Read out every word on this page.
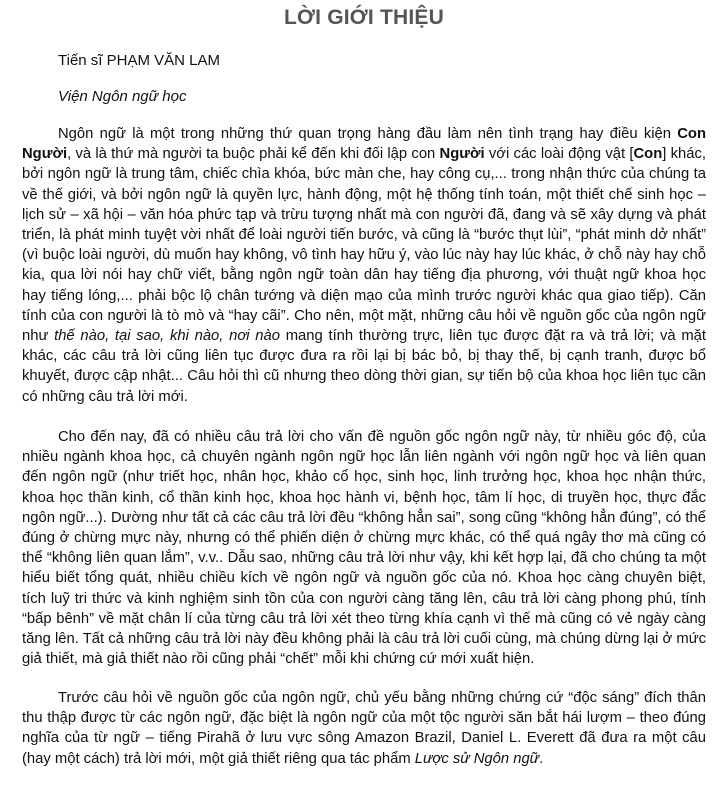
LỜI GIỚI THIỆU
Tiến sĩ PHẠM VĂN LAM
Viện Ngôn ngữ học

Ngôn ngữ là một trong những thứ quan trọng hàng đầu làm nên tình trạng hay điều kiện Con Người, và là thứ mà người ta buộc phải kể đến khi đối lập con Người với các loài động vật [Con] khác, bởi ngôn ngữ là trung tâm, chiếc chìa khóa, bức màn che, hay công cụ,... trong nhận thức của chúng ta về thế giới, và bởi ngôn ngữ là quyền lực, hành động, một hệ thống tính toán, một thiết chế sinh học – lịch sử – xã hội – văn hóa phức tạp và trừu tượng nhất mà con người đã, đang và sẽ xây dựng và phát triển, là phát minh tuyệt vời nhất để loài người tiến bước, và cũng là “bước thụt lùi”, “phát minh dở nhất” (vì buộc loài người, dù muốn hay không, vô tình hay hữu ý, vào lúc này hay lúc khác, ở chỗ này hay chỗ kia, qua lời nói hay chữ viết, bằng ngôn ngữ toàn dân hay tiếng địa phương, với thuật ngữ khoa học hay tiếng lóng,... phải bộc lộ chân tướng và diện mạo của mình trước người khác qua giao tiếp). Căn tính của con người là tò mò và “hay cãi”. Cho nên, một mặt, những câu hỏi về nguồn gốc của ngôn ngữ như thế nào, tại sao, khi nào, nơi nào mang tính thường trực, liên tục được đặt ra và trả lời; và mặt khác, các câu trả lời cũng liên tục được đưa ra rồi lại bị bác bỏ, bị thay thế, bị cạnh tranh, được bổ khuyết, được cập nhật... Câu hỏi thì cũ nhưng theo dòng thời gian, sự tiến bộ của khoa học liên tục cần có những câu trả lời mới.

Cho đến nay, đã có nhiều câu trả lời cho vấn đề nguồn gốc ngôn ngữ này, từ nhiều góc độ, của nhiều ngành khoa học, cả chuyên ngành ngôn ngữ học lẫn liên ngành với ngôn ngữ học và liên quan đến ngôn ngữ (như triết học, nhân học, khảo cổ học, sinh học, linh trưởng học, khoa học nhận thức, khoa học thần kinh, cổ thần kinh học, khoa học hành vi, bệnh học, tâm lí học, di truyền học, thực đắc ngôn ngữ...). Dường như tất cả các câu trả lời đều “không hẳn sai”, song cũng “không hẳn đúng”, có thể đúng ở chừng mực này, nhưng có thể phiến diện ở chừng mực khác, có thể quá ngây thơ mà cũng có thể “không liên quan lắm”, v.v.. Dẫu sao, những câu trả lời như vậy, khi kết hợp lại, đã cho chúng ta một hiểu biết tổng quát, nhiều chiều kích về ngôn ngữ và nguồn gốc của nó. Khoa học càng chuyên biệt, tích luỹ tri thức và kinh nghiệm sinh tồn của con người càng tăng lên, câu trả lời càng phong phú, tính “bấp bênh” về mặt chân lí của từng câu trả lời xét theo từng khía cạnh vì thế mà cũng có vẻ ngày càng tăng lên. Tất cả những câu trả lời này đều không phải là câu trả lời cuối cùng, mà chúng dừng lại ở mức giả thiết, mà giả thiết nào rồi cũng phải “chết” mỗi khi chứng cứ mới xuất hiện.

Trước câu hỏi về nguồn gốc của ngôn ngữ, chủ yếu bằng những chứng cứ “độc sáng” đích thân thu thập được từ các ngôn ngữ, đặc biệt là ngôn ngữ của một tộc người săn bắt hái lượm – theo đúng nghĩa của từ ngữ – tiếng Pirahã ở lưu vực sông Amazon Brazil, Daniel L. Everett đã đưa ra một câu (hay một cách) trả lời mới, một giả thiết riêng qua tác phẩm Lược sử Ngôn ngữ.
